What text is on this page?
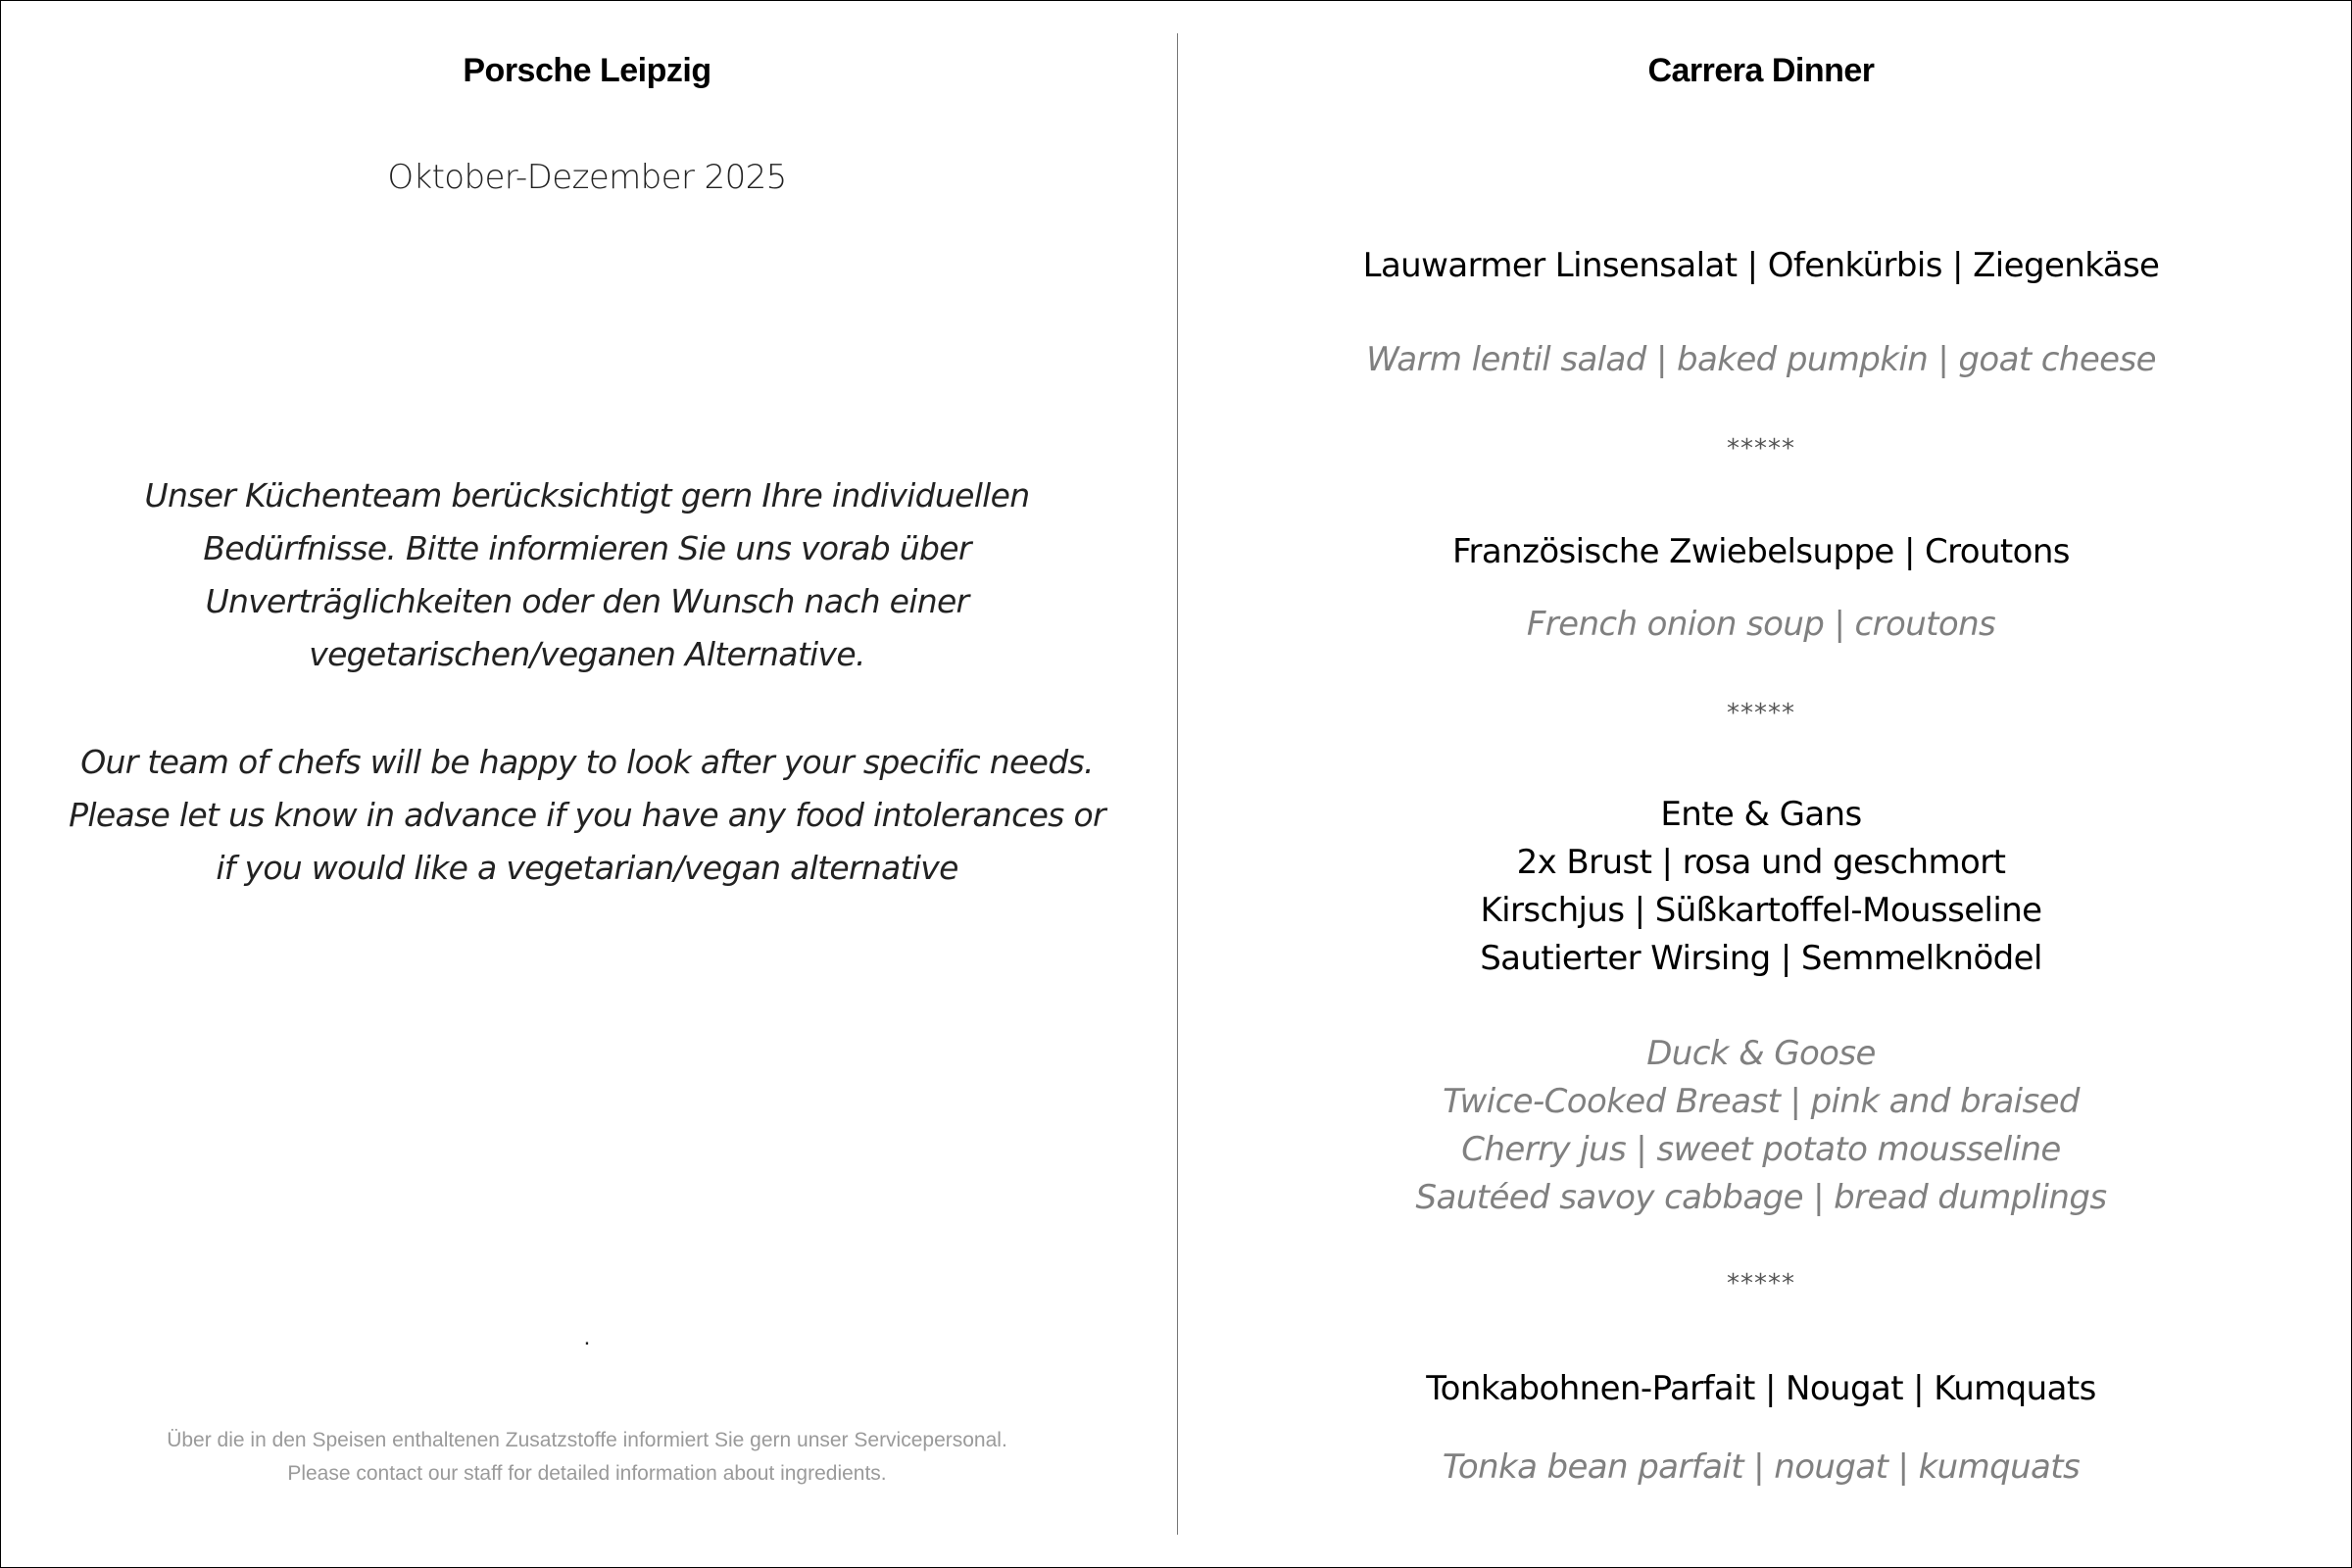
Porsche Leipzig
Oktober-Dezember 2025
Unser Küchenteam berücksichtigt gern Ihre individuellen Bedürfnisse. Bitte informieren Sie uns vorab über Unverträglichkeiten oder den Wunsch nach einer vegetarischen/veganen Alternative.
Our team of chefs will be happy to look after your specific needs. Please let us know in advance if you have any food intolerances or if you would like a vegetarian/vegan alternative
.
Über die in den Speisen enthaltenen Zusatzstoffe informiert Sie gern unser Servicepersonal.
Please contact our staff for detailed information about ingredients.
Carrera Dinner
Lauwarmer Linsensalat | Ofenkürbis | Ziegenkäse
Warm lentil salad | baked pumpkin | goat cheese
*****
Französische Zwiebelsuppe | Croutons
French onion soup | croutons
*****
Ente & Gans
2x Brust | rosa und geschmort
Kirschjus | Süßkartoffel-Mousseline
Sautierter Wirsing | Semmelknödel
Duck & Goose
Twice-Cooked Breast | pink and braised
Cherry jus | sweet potato mousseline
Sautéed savoy cabbage | bread dumplings
*****
Tonkabohnen-Parfait | Nougat | Kumquats
Tonka bean parfait | nougat | kumquats
